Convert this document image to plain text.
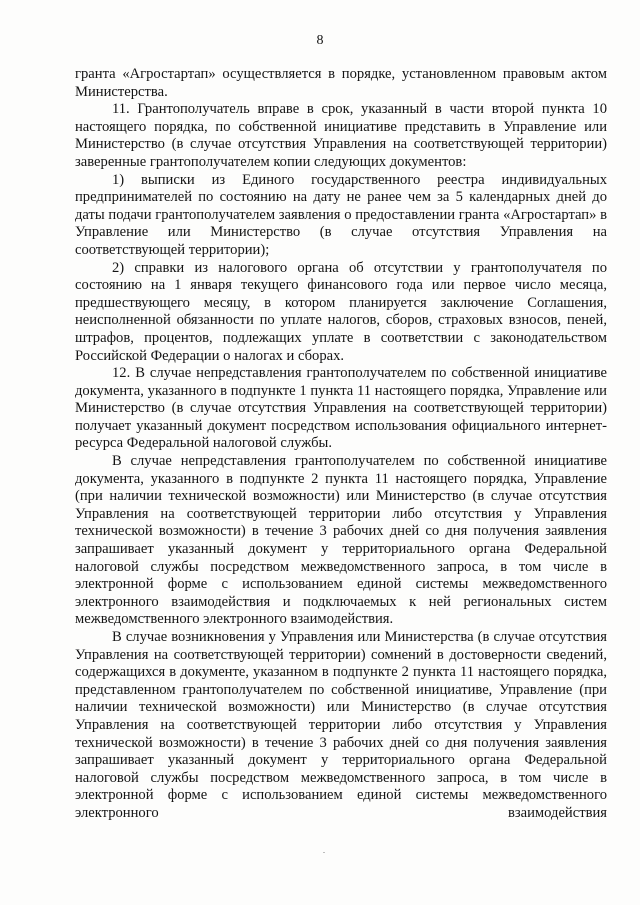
8

гранта «Агростартап» осуществляется в порядке, установленном правовым актом Министерства.

11. Грантополучатель вправе в срок, указанный в части второй пункта 10 настоящего порядка, по собственной инициативе представить в Управление или Министерство (в случае отсутствия Управления на соответствующей территории) заверенные грантополучателем копии следующих документов:

1) выписки из Единого государственного реестра индивидуальных предпринимателей по состоянию на дату не ранее чем за 5 календарных дней до даты подачи грантополучателем заявления о предоставлении гранта «Агростартап» в Управление или Министерство (в случае отсутствия Управления на соответствующей территории);

2) справки из налогового органа об отсутствии у грантополучателя по состоянию на 1 января текущего финансового года или первое число месяца, предшествующего месяцу, в котором планируется заключение Соглашения, неисполненной обязанности по уплате налогов, сборов, страховых взносов, пеней, штрафов, процентов, подлежащих уплате в соответствии с законодательством Российской Федерации о налогах и сборах.

12. В случае непредставления грантополучателем по собственной инициативе документа, указанного в подпункте 1 пункта 11 настоящего порядка, Управление или Министерство (в случае отсутствия Управления на соответствующей территории) получает указанный документ посредством использования официального интернет-ресурса Федеральной налоговой службы.

В случае непредставления грантополучателем по собственной инициативе документа, указанного в подпункте 2 пункта 11 настоящего порядка, Управление (при наличии технической возможности) или Министерство (в случае отсутствия Управления на соответствующей территории либо отсутствия у Управления технической возможности) в течение 3 рабочих дней со дня получения заявления запрашивает указанный документ у территориального органа Федеральной налоговой службы посредством межведомственного запроса, в том числе в электронной форме с использованием единой системы межведомственного электронного взаимодействия и подключаемых к ней региональных систем межведомственного электронного взаимодействия.

В случае возникновения у Управления или Министерства (в случае отсутствия Управления на соответствующей территории) сомнений в достоверности сведений, содержащихся в документе, указанном в подпункте 2 пункта 11 настоящего порядка, представленном грантополучателем по собственной инициативе, Управление (при наличии технической возможности) или Министерство (в случае отсутствия Управления на соответствующей территории либо отсутствия у Управления технической возможности) в течение 3 рабочих дней со дня получения заявления запрашивает указанный документ у территориального органа Федеральной налоговой службы посредством межведомственного запроса, в том числе в электронной форме с использованием единой системы межведомственного электронного взаимодействия
